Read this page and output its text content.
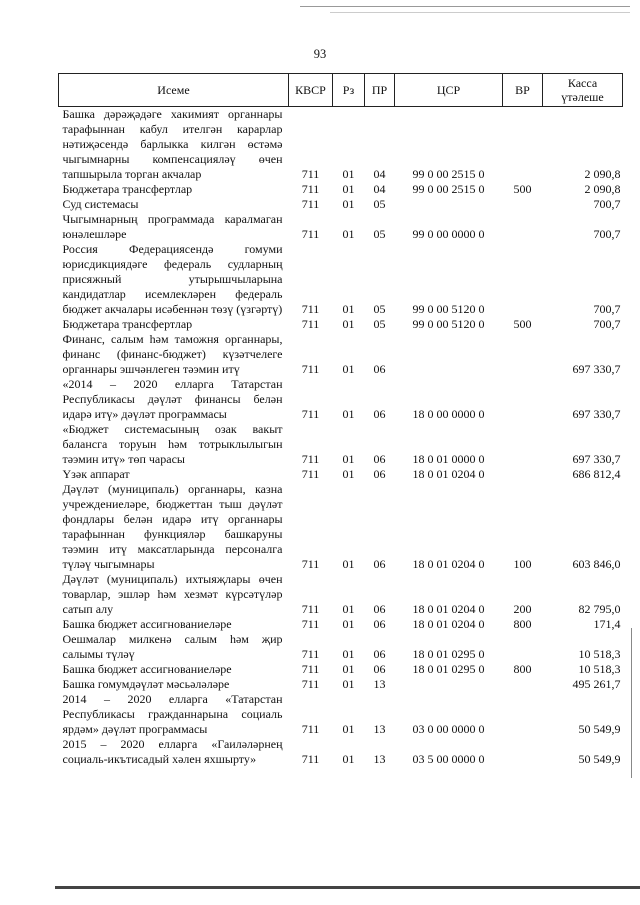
93
Исеме	КВСР	Рз	ПР	ЦСР	ВР	Касса
үтәлеше
Башка дәрәҗәдәге хакимият органнары тарафыннан кабул ителгән карарлар нәтиҗәсендә барлыкка килгән өстәмә чыгымнарны компенсацияләү өчен тапшырыла торган акчалар	711	01	04	99 0 00 2515 0		2 090,8
Бюджетара трансфертлар	711	01	04	99 0 00 2515 0	500	2 090,8
Суд системасы	711	01	05			700,7
Чыгымнарның программада каралмаган юнәлешләре	711	01	05	99 0 00 0000 0		700,7
Россия Федерациясендә гомуми юрисдикциядәге федераль судларның присяжный утырышчыларына кандидатлар исемлекләрен федераль бюджет акчалары исәбеннән төзү (үзгәртү)	711	01	05	99 0 00 5120 0		700,7
Бюджетара трансфертлар	711	01	05	99 0 00 5120 0	500	700,7
Финанс, салым һәм таможня органнары, финанс (финанс-бюджет) күзәтчелеге органнары эшчәнлеген тәэмин итү	711	01	06			697 330,7
«2014 – 2020 елларга Татарстан Республикасы дәүләт финансы белән идарә итү» дәүләт программасы	711	01	06	18 0 00 0000 0		697 330,7
«Бюджет системасының озак вакыт балансга торуын һәм тотрыклылыгын тәэмин итү» төп чарасы	711	01	06	18 0 01 0000 0		697 330,7
Үзәк аппарат	711	01	06	18 0 01 0204 0		686 812,4
Дәүләт (муниципаль) органнары, казна учреждениеләре, бюджеттан тыш дәүләт фондлары белән идарә итү органнары тарафыннан функцияләр башкаруны тәэмин итү максатларында персоналга түләү чыгымнары	711	01	06	18 0 01 0204 0	100	603 846,0
Дәүләт (муниципаль) ихтыяҗлары өчен товарлар, эшләр һәм хезмәт күрсәтүләр сатып алу	711	01	06	18 0 01 0204 0	200	82 795,0
Башка бюджет ассигнованиеләре	711	01	06	18 0 01 0204 0	800	171,4
Оешмалар милкенә салым һәм җир салымы түләү	711	01	06	18 0 01 0295 0		10 518,3
Башка бюджет ассигнованиеләре	711	01	06	18 0 01 0295 0	800	10 518,3
Башка гомумдәүләт мәсьәләләре	711	01	13			495 261,7
2014 – 2020 елларга «Татарстан Республикасы гражданнарына социаль ярдәм» дәүләт программасы	711	01	13	03 0 00 0000 0		50 549,9
2015 – 2020 елларга «Гаиләләрнең социаль-икътисадый хәлен яхшырту»	711	01	13	03 5 00 0000 0		50 549,9
